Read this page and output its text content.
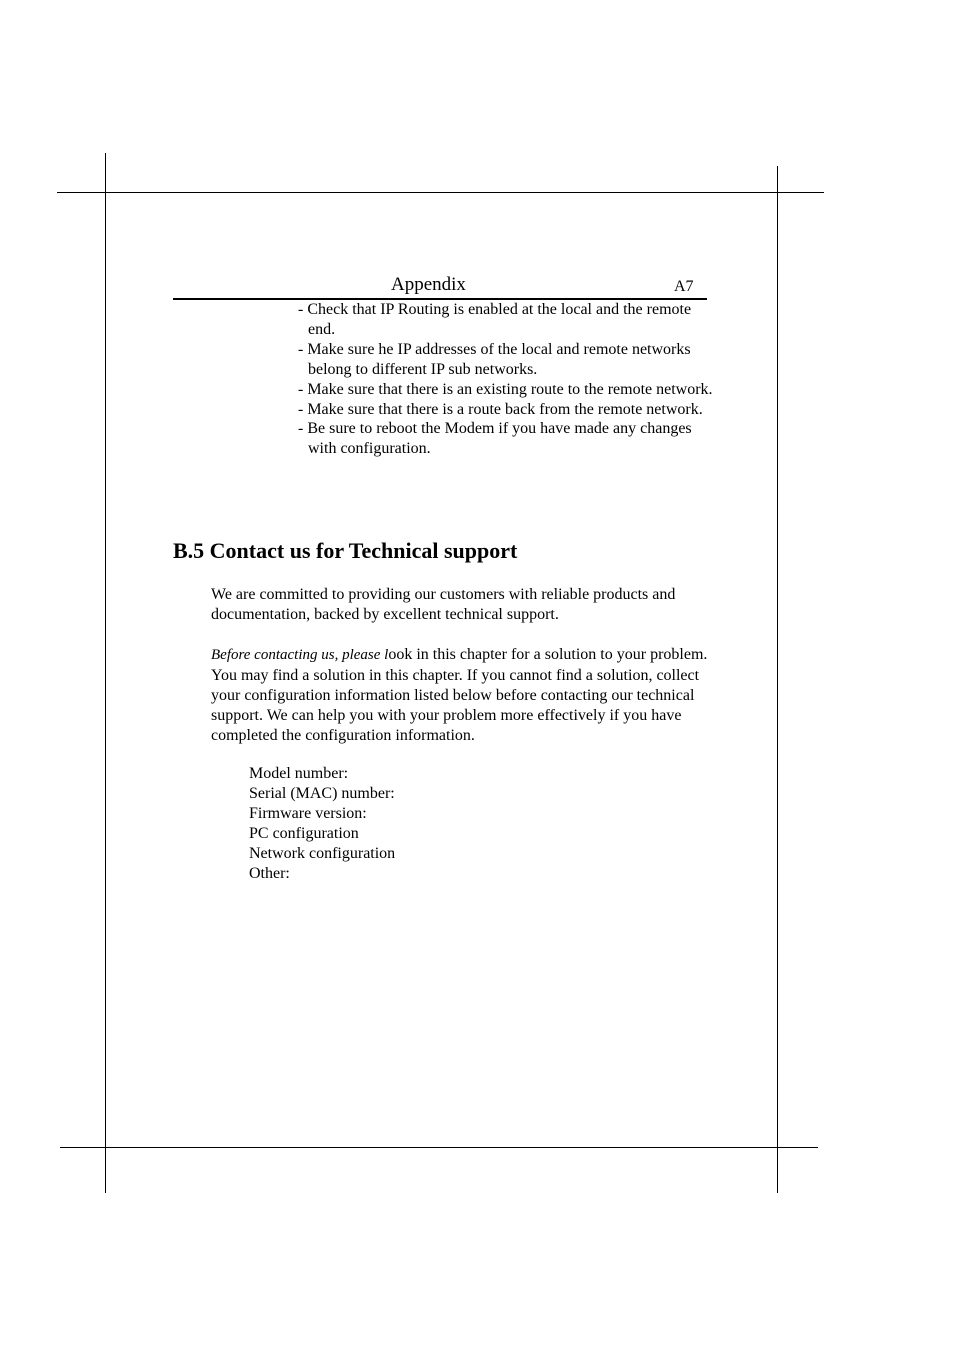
Appendix	A7
- Check that IP Routing is enabled at the local and the remote end.
- Make sure he IP addresses of the local and remote networks belong to different IP sub networks.
- Make sure that there is an existing route to the remote network.
- Make sure that there is a route back from the remote network.
- Be sure to reboot the Modem if you have made any changes with configuration.
B.5 Contact us for Technical support

We are committed to providing our customers with reliable products and documentation, backed by excellent technical support.

Before contacting us, please look in this chapter for a solution to your problem. You may find a solution in this chapter. If you cannot find a solution, collect your configuration information listed below before contacting our technical support. We can help you with your problem more effectively if you have completed the configuration information.

Model number:
Serial (MAC) number:
Firmware version:
PC configuration
Network configuration
Other:
